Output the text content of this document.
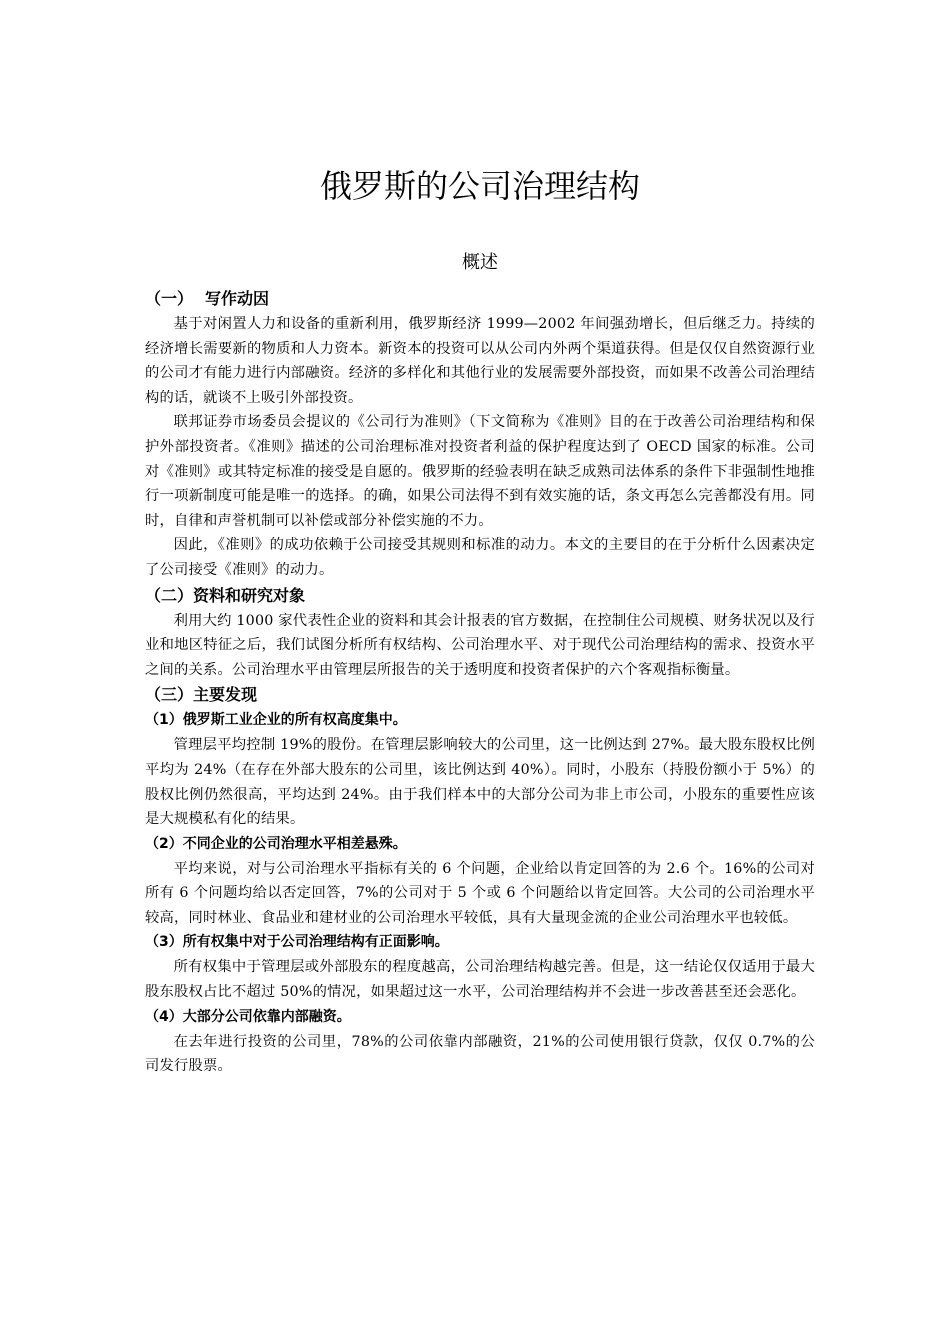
俄罗斯的公司治理结构
概述
（一） 写作动因

基于对闲置人力和设备的重新利用，俄罗斯经济 1999—2002 年间强劲增长，但后继乏力。持续的经济增长需要新的物质和人力资本。新资本的投资可以从公司内外两个渠道获得。但是仅仅自然资源行业的公司才有能力进行内部融资。经济的多样化和其他行业的发展需要外部投资，而如果不改善公司治理结构的话，就谈不上吸引外部投资。

联邦证券市场委员会提议的《公司行为准则》（下文简称为《准则》目的在于改善公司治理结构和保护外部投资者。《准则》描述的公司治理标准对投资者利益的保护程度达到了 OECD 国家的标准。公司对《准则》或其特定标准的接受是自愿的。俄罗斯的经验表明在缺乏成熟司法体系的条件下非强制性地推行一项新制度可能是唯一的选择。的确，如果公司法得不到有效实施的话，条文再怎么完善都没有用。同时，自律和声誉机制可以补偿或部分补偿实施的不力。

因此，《准则》的成功依赖于公司接受其规则和标准的动力。本文的主要目的在于分析什么因素决定了公司接受《准则》的动力。

（二）资料和研究对象

利用大约 1000 家代表性企业的资料和其会计报表的官方数据，在控制住公司规模、财务状况以及行业和地区特征之后，我们试图分析所有权结构、公司治理水平、对于现代公司治理结构的需求、投资水平之间的关系。公司治理水平由管理层所报告的关于透明度和投资者保护的六个客观指标衡量。

（三）主要发现
（1）俄罗斯工业企业的所有权高度集中。

管理层平均控制 19%的股份。在管理层影响较大的公司里，这一比例达到 27%。最大股东股权比例平均为 24%（在存在外部大股东的公司里，该比例达到 40%）。同时，小股东（持股份额小于 5%）的股权比例仍然很高，平均达到 24%。由于我们样本中的大部分公司为非上市公司，小股东的重要性应该是大规模私有化的结果。

（2）不同企业的公司治理水平相差悬殊。

平均来说，对与公司治理水平指标有关的 6 个问题，企业给以肯定回答的为 2.6 个。16%的公司对所有 6 个问题均给以否定回答，7%的公司对于 5 个或 6 个问题给以肯定回答。大公司的公司治理水平较高，同时林业、食品业和建材业的公司治理水平较低，具有大量现金流的企业公司治理水平也较低。

（3）所有权集中对于公司治理结构有正面影响。

所有权集中于管理层或外部股东的程度越高，公司治理结构越完善。但是，这一结论仅仅适用于最大股东股权占比不超过 50%的情况，如果超过这一水平，公司治理结构并不会进一步改善甚至还会恶化。

（4）大部分公司依靠内部融资。

在去年进行投资的公司里，78%的公司依靠内部融资，21%的公司使用银行贷款，仅仅 0.7%的公司发行股票。
